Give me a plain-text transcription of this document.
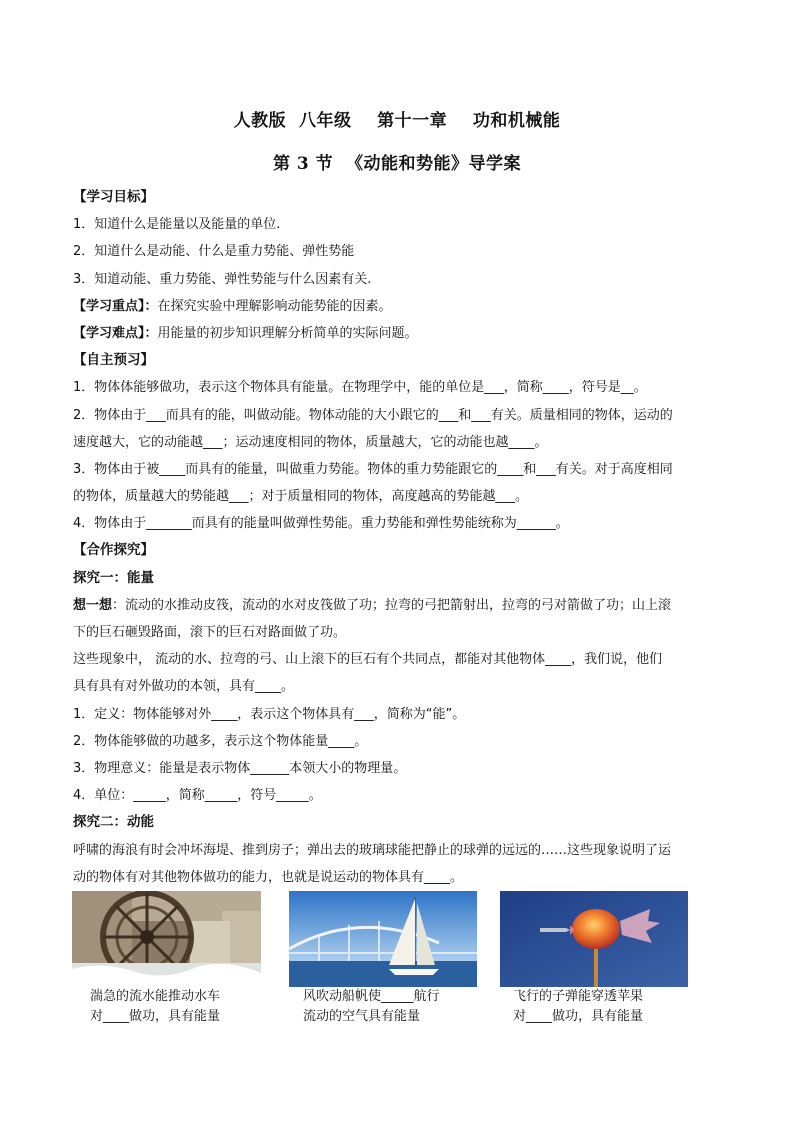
人教版  八年级    第十一章    功和机械能
第 3 节  《动能和势能》导学案
【学习目标】
1．知道什么是能量以及能量的单位.
2．知道什么是动能、什么是重力势能、弹性势能
3．知道动能、重力势能、弹性势能与什么因素有关.
【学习重点】：在探究实验中理解影响动能势能的因素。
【学习难点】：用能量的初步知识理解分析简单的实际问题。
【自主预习】
1．物体体能够做功，表示这个物体具有能量。在物理学中，能的单位是___，简称____，符号是__。
2．物体由于___而具有的能，叫做动能。物体动能的大小跟它的___和___有关。质量相同的物体，运动的
速度越大，它的动能越___；运动速度相同的物体，质量越大，它的动能也越____。
3．物体由于被____而具有的能量，叫做重力势能。物体的重力势能跟它的____和___有关。对于高度相同
的物体，质量越大的势能越___；对于质量相同的物体，高度越高的势能越___。
4．物体由于_______而具有的能量叫做弹性势能。重力势能和弹性势能统称为______。
【合作探究】
探究一：能量
想一想：流动的水推动皮筏，流动的水对皮筏做了功；拉弯的弓把箭射出，拉弯的弓对箭做了功；山上滚
下的巨石砸毁路面，滚下的巨石对路面做了功。
这些现象中， 流动的水、拉弯的弓、山上滚下的巨石有个共同点，都能对其他物体____，我们说，他们
具有具有对外做功的本领，具有____。
1．定义：物体能够对外____，表示这个物体具有___，简称为“能”。
2．物体能够做的功越多，表示这个物体能量____。
3．物理意义：能量是表示物体______本领大小的物理量。
4．单位：_____，简称_____，符号_____。
探究二：动能
呼啸的海浪有时会冲坏海堤、推到房子；弹出去的玻璃球能把静止的球弹的远远的……这些现象说明了运
动的物体有对其他物体做功的能力，也就是说运动的物体具有____。
湍急的流水能推动水车
对____做功，具有能量
风吹动船帆使_____航行
流动的空气具有能量
飞行的子弹能穿透苹果
对____做功，具有能量
